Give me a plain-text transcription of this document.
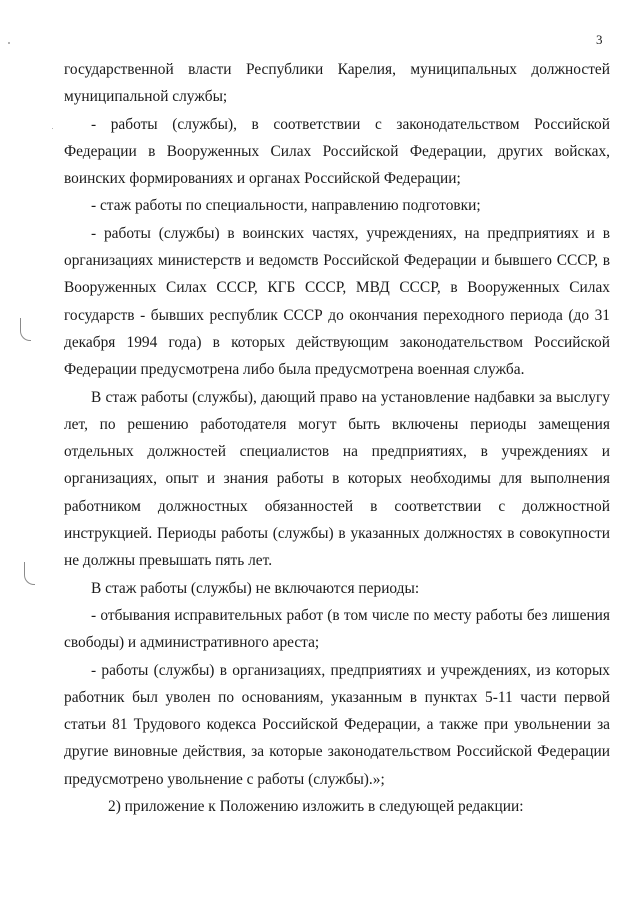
3

государственной власти Республики Карелия, муниципальных должностей муниципальной службы;

- работы (службы), в соответствии с законодательством Российской Федерации в Вооруженных Силах Российской Федерации, других войсках, воинских формированиях и органах Российской Федерации;

- стаж работы по специальности, направлению подготовки;

- работы (службы) в воинских частях, учреждениях, на предприятиях и в организациях министерств и ведомств Российской Федерации и бывшего СССР, в Вооруженных Силах СССР, КГБ СССР, МВД СССР, в Вооруженных Силах государств - бывших республик СССР до окончания переходного периода (до 31 декабря 1994 года) в которых действующим законодательством Российской Федерации предусмотрена либо была предусмотрена военная служба.

В стаж работы (службы), дающий право на установление надбавки за выслугу лет, по решению работодателя могут быть включены периоды замещения отдельных должностей специалистов на предприятиях, в учреждениях и организациях, опыт и знания работы в которых необходимы для выполнения работником должностных обязанностей в соответствии с должностной инструкцией. Периоды работы (службы) в указанных должностях в совокупности не должны превышать пять лет.

В стаж работы (службы) не включаются периоды:

- отбывания исправительных работ (в том числе по месту работы без лишения свободы) и административного ареста;

- работы (службы) в организациях, предприятиях и учреждениях, из которых работник был уволен по основаниям, указанным в пунктах 5-11 части первой статьи 81 Трудового кодекса Российской Федерации, а также при увольнении за другие виновные действия, за которые законодательством Российской Федерации предусмотрено увольнение с работы (службы).»;

2) приложение к Положению изложить в следующей редакции:
